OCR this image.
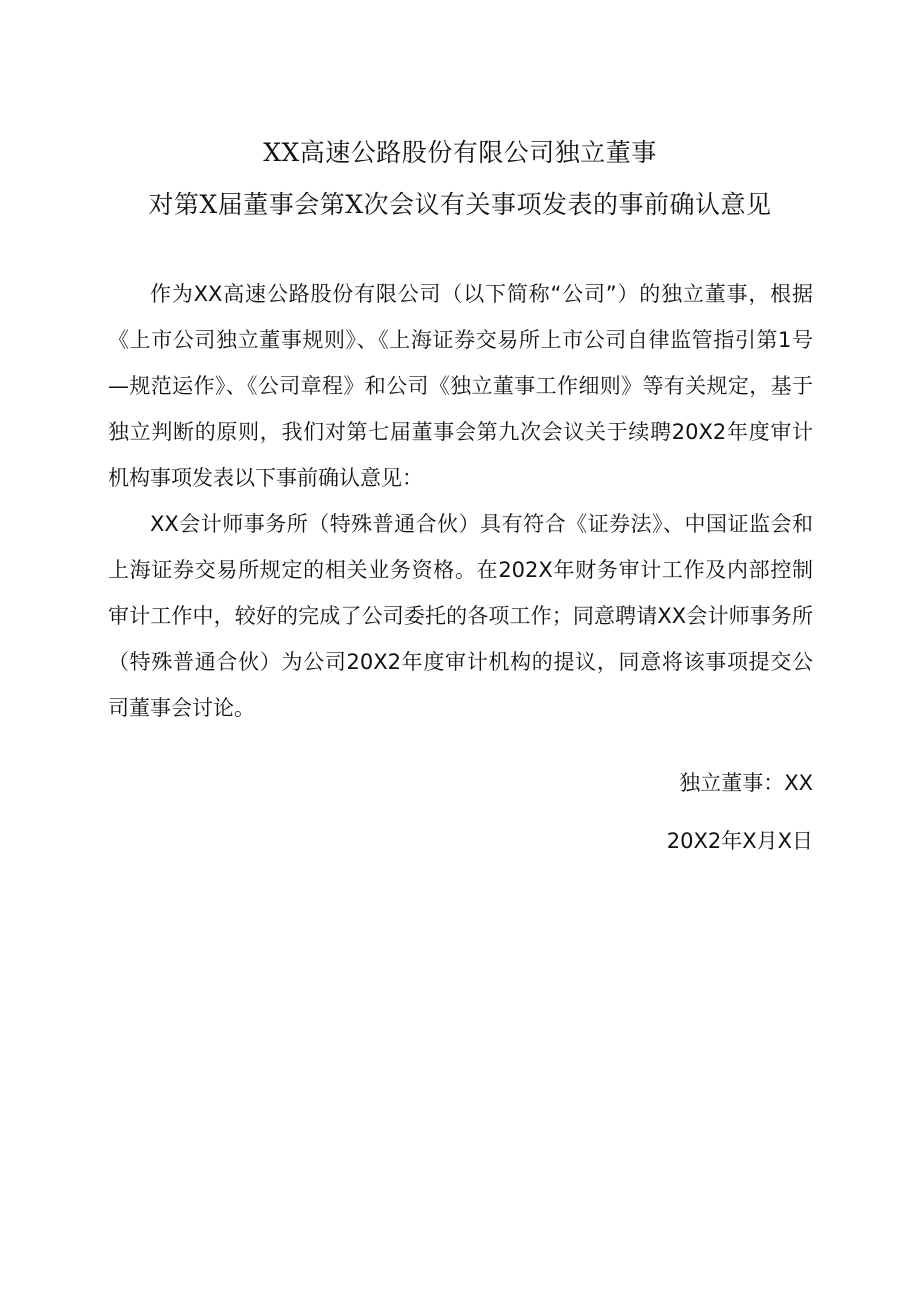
XX高速公路股份有限公司独立董事
对第X届董事会第X次会议有关事项发表的事前确认意见

作为XX高速公路股份有限公司（以下简称“公司”）的独立董事，根据《上市公司独立董事规则》、《上海证券交易所上市公司自律监管指引第1号—规范运作》、《公司章程》和公司《独立董事工作细则》等有关规定，基于独立判断的原则，我们对第七届董事会第九次会议关于续聘20X2年度审计机构事项发表以下事前确认意见：

XX会计师事务所（特殊普通合伙）具有符合《证券法》、中国证监会和上海证券交易所规定的相关业务资格。在202X年财务审计工作及内部控制审计工作中，较好的完成了公司委托的各项工作；同意聘请XX会计师事务所（特殊普通合伙）为公司20X2年度审计机构的提议，同意将该事项提交公司董事会讨论。

独立董事：XX
20X2年X月X日
